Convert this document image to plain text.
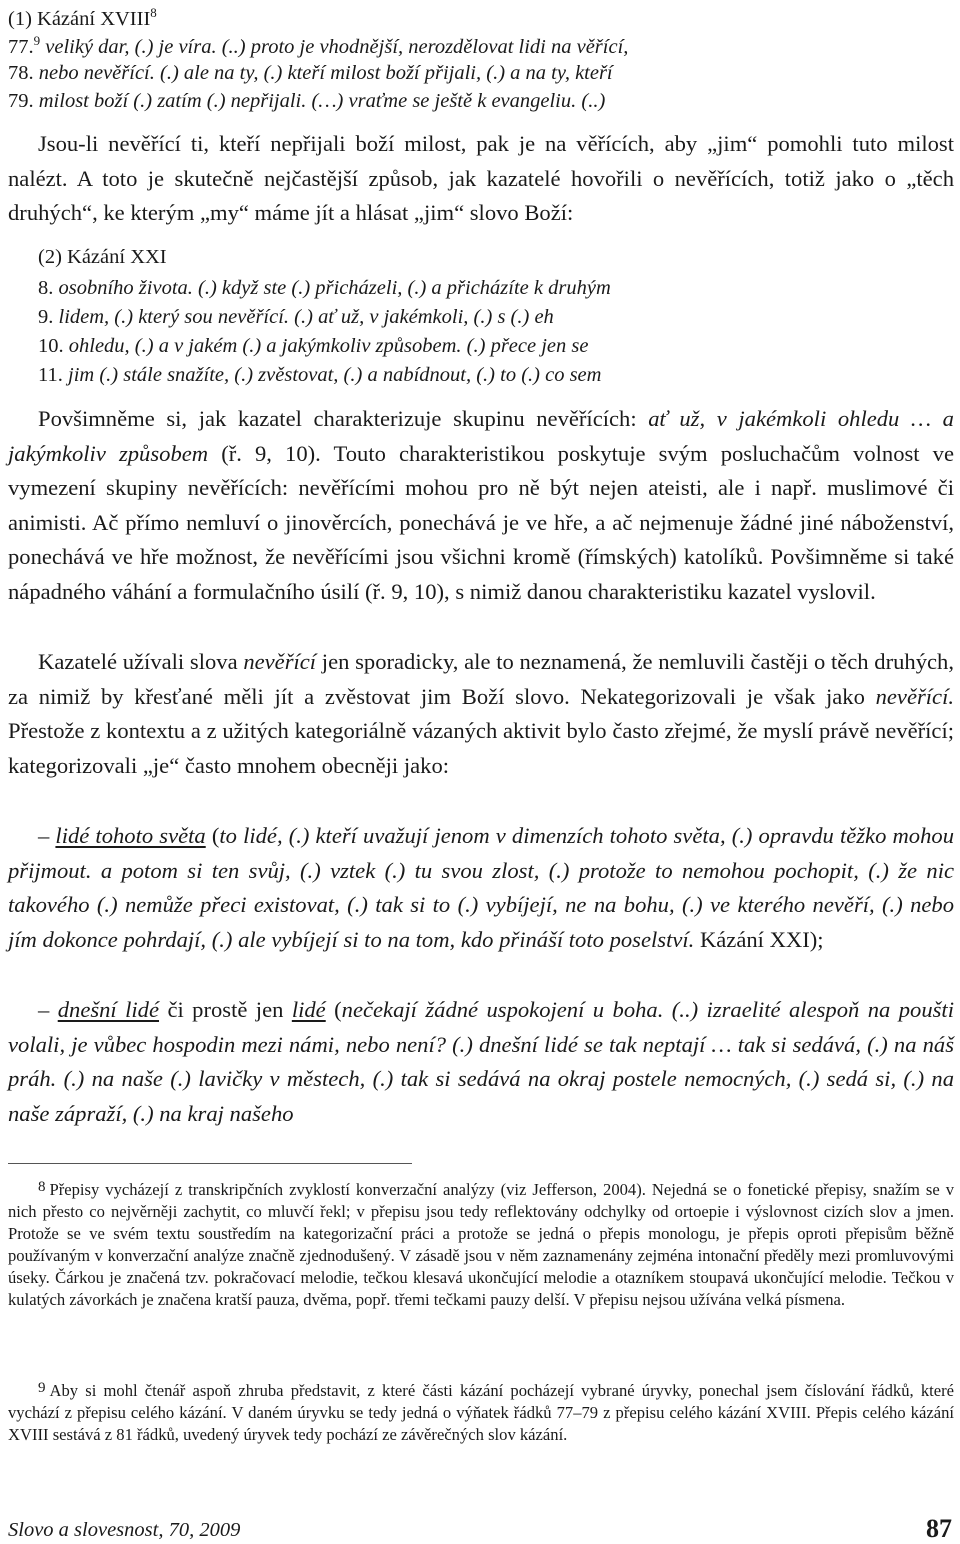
(1) Kázání XVIII$^8$
77.$^9$ veliký dar, (.) je víra. (..) proto je vhodnější, nerozdělovat lidi na věřící,
78. nebo nevěřící. (.) ale na ty, (.) kteří milost boží přijali, (.) a na ty, kteří
79. milost boží (.) zatím (.) nepřijali. (…) vraťme se ještě k evangeliu. (..)

Jsou-li nevěřící ti, kteří nepřijali boží milost, pak je na věřících, aby „jim“ pomohli tuto milost nalézt. A toto je skutečně nejčastější způsob, jak kazatelé hovořili o nevěřících, totiž jako o „těch druhých“, ke kterým „my“ máme jít a hlásat „jim“ slovo Boží:

(2) Kázání XXI
8. osobního života. (.) když ste (.) přicházeli, (.) a přicházíte k druhým
9. lidem, (.) který sou nevěřící. (.) ať už, v jakémkoli, (.) s (.) eh
10. ohledu, (.) a v jakém (.) a jakýmkoliv způsobem. (.) přece jen se
11. jim (.) stále snažíte, (.) zvěstovat, (.) a nabídnout, (.) to (.) co sem

Povšimněme si, jak kazatel charakterizuje skupinu nevěřících: ať už, v jakémkoli ohledu … a jakýmkoliv způsobem (ř. 9, 10). Touto charakteristikou poskytuje svým posluchačům volnost ve vymezení skupiny nevěřících: nevěřícími mohou pro ně být nejen ateisti, ale i např. muslimové či animisti. Ač přímo nemluví o jinověrcích, ponechává je ve hře, a ač nejmenuje žádné jiné náboženství, ponechává ve hře možnost, že nevěřícími jsou všichni kromě (římských) katolíků. Povšimněme si také nápadného váhání a formulačního úsilí (ř. 9, 10), s nimiž danou charakteristiku kazatel vyslovil.

Kazatelé užívali slova nevěřící jen sporadicky, ale to neznamená, že nemluvili častěji o těch druhých, za nimiž by křesťané měli jít a zvěstovat jim Boží slovo. Nekategorizovali je však jako nevěřící. Přestože z kontextu a z užitých kategoriálně vázaných aktivit bylo často zřejmé, že myslí právě nevěřící; kategorizovali „je“ často mnohem obecněji jako:

– lidé tohoto světa (to lidé, (.) kteří uvažují jenom v dimenzích tohoto světa, (.) opravdu těžko mohou přijmout. a potom si ten svůj, (.) vztek (.) tu svou zlost, (.) protože to nemohou pochopit, (.) že nic takového (.) nemůže přeci existovat, (.) tak si to (.) vybíjejí, ne na bohu, (.) ve kterého nevěří, (.) nebo jím dokonce pohrdají, (.) ale vybíjejí si to na tom, kdo přináší toto poselství. Kázání XXI);

– dnešní lidé či prostě jen lidé (nečekají žádné uspokojení u boha. (..) izraelité alespoň na poušti volali, je vůbec hospodin mezi námi, nebo není? (.) dnešní lidé se tak neptají … tak si sedává, (.) na náš práh. (.) na naše (.) lavičky v městech, (.) tak si sedává na okraj postele nemocných, (.) sedá si, (.) na naše zápraží, (.) na kraj našeho

$^8$ Přepisy vycházejí z transkripčních zvyklostí konverzační analýzy (viz Jefferson, 2004). Nejedná se o fonetické přepisy, snažím se v nich přesto co nejvěrněji zachytit, co mluvčí řekl; v přepisu jsou tedy reflektovány odchylky od ortoepie i výslovnost cizích slov a jmen. Protože se ve svém textu soustředím na kategorizační práci a protože se jedná o přepis monologu, je přepis oproti přepisům běžně používaným v konverzační analýze značně zjednodušený. V zásadě jsou v něm zaznamenány zejména intonační předěly mezi promluvovými úseky. Čárkou je značená tzv. pokračovací melodie, tečkou klesavá ukončující melodie a otazníkem stoupavá ukončující melodie. Tečkou v kulatých závorkách je značena kratší pauza, dvěma, popř. třemi tečkami pauzy delší. V přepisu nejsou užívána velká písmena.

$^9$ Aby si mohl čtenář aspoň zhruba představit, z které části kázání pocházejí vybrané úryvky, ponechal jsem číslování řádků, které vychází z přepisu celého kázání. V daném úryvku se tedy jedná o výňatek řádků 77–79 z přepisu celého kázání XVIII. Přepis celého kázání XVIII sestává z 81 řádků, uvedený úryvek tedy pochází ze závěrečných slov kázání.

Slovo a slovesnost, 70, 2009	87
